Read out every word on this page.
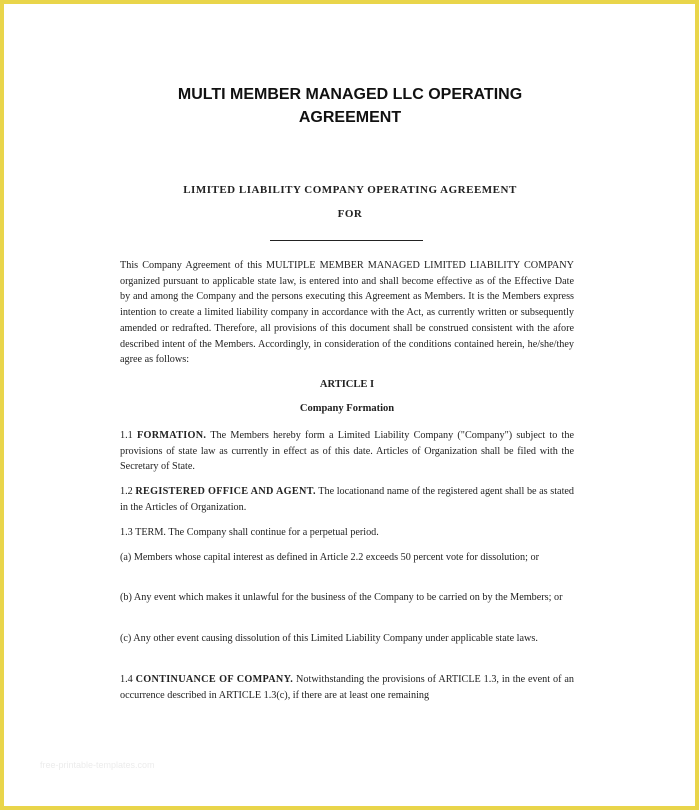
MULTI MEMBER MANAGED LLC OPERATING
AGREEMENT
LIMITED LIABILITY COMPANY OPERATING AGREEMENT
FOR
This Company Agreement of this MULTIPLE MEMBER MANAGED LIMITED LIABILITY COMPANY organized pursuant to applicable state law, is entered into and shall become effective as of the Effective Date by and among the Company and the persons executing this Agreement as Members. It is the Members express intention to create a limited liability company in accordance with the Act, as currently written or subsequently amended or redrafted. Therefore, all provisions of this document shall be construed consistent with the afore described intent of the Members. Accordingly, in consideration of the conditions contained herein, he/she/they agree as follows:
ARTICLE I
Company Formation
1.1 FORMATION. The Members hereby form a Limited Liability Company ("Company") subject to the provisions of state law as currently in effect as of this date. Articles of Organization shall be filed with the Secretary of State.
1.2 REGISTERED OFFICE AND AGENT. The locationand name of the registered agent shall be as stated in the Articles of Organization.
1.3 TERM. The Company shall continue for a perpetual period.
(a) Members whose capital interest as defined in Article 2.2 exceeds 50 percent vote for dissolution; or
(b) Any event which makes it unlawful for the business of the Company to be carried on by the Members; or
(c) Any other event causing dissolution of this Limited Liability Company under applicable state laws.
1.4 CONTINUANCE OF COMPANY. Notwithstanding the provisions of ARTICLE 1.3, in the event of an occurrence described in ARTICLE 1.3(c), if there are at least one remaining
free-printable-templates.com
